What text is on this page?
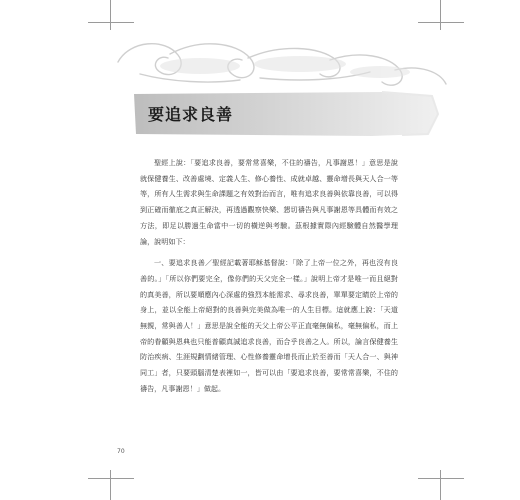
要追求良善

聖經上說：「要追求良善，要常常喜樂，不住的禱告，凡事謝恩！」意思是說就保健養生、改善處境、定義人生、修心養性、成就卓越、靈命增長與天人合一等等，所有人生需求與生命課題之有效對治而言，唯有追求良善與依靠良善，可以得到正確而徹底之真正解決，再透過觀察快樂、懇切禱告與凡事謝恩等具體而有效之方法，即足以勝過生命當中一切的橫逆與考驗。茲根據實際內經驗體自然醫學理論，說明如下：

一、要追求良善／聖經記載著耶穌基督說：「除了上帝一位之外，再也沒有良善的。」「所以你們要完全，像你們的天父完全一樣。」說明上帝才是唯一而且絕對的真美善，所以要順應內心深處的強烈本能需求、尋求良善，單單要定睛於上帝的身上，並以全能上帝絕對的良善與完美做為唯一的人生目標。這就應上說：「天道無親，常與善人！」意思是說全能的天父上帝公平正直毫無偏私，毫無偏私，而上帝的眷顧與恩典也只能普顧真誠追求良善，而合乎良善之人。所以，論言保健養生防治疾病、生涯規劃情緒管理、心性修養靈命增長而止於至善而「天人合一、與神同工」者，只要頭腦清楚表裡如一，皆可以由「要追求良善，要常常喜樂，不住的禱告，凡事謝恩！」做起。

70
